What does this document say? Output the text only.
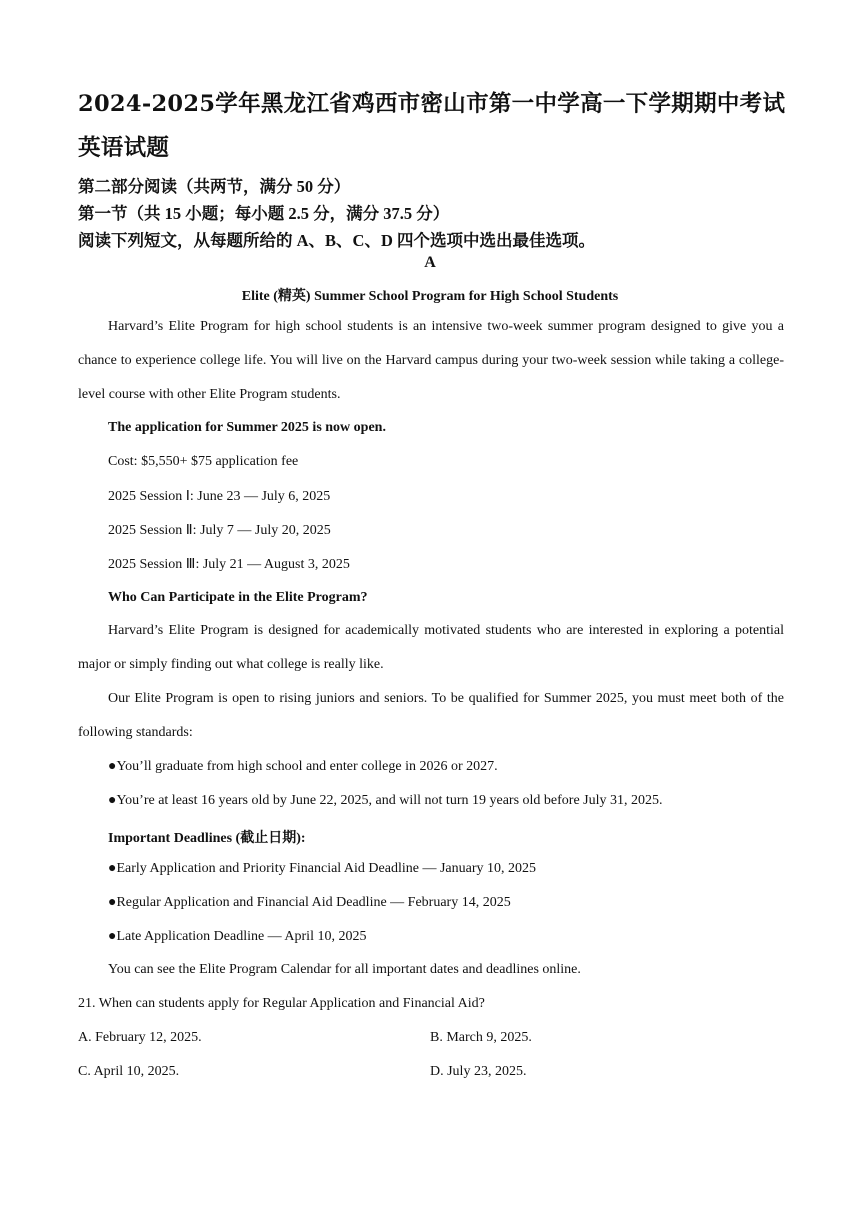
2024-2025学年黑龙江省鸡西市密山市第一中学高一下学期期中考试
英语试题
第二部分阅读（共两节，满分 50 分）
第一节（共 15 小题；每小题 2.5 分，满分 37.5 分）
阅读下列短文，从每题所给的 A、B、C、D 四个选项中选出最佳选项。
A
Elite (精英) Summer School Program for High School Students
Harvard’s Elite Program for high school students is an intensive two-week summer program designed to give you a chance to experience college life. You will live on the Harvard campus during your two-week session while taking a college-level course with other Elite Program students.
The application for Summer 2025 is now open.
Cost: $5,550+ $75 application fee
2025 Session Ⅰ: June 23 — July 6, 2025
2025 Session Ⅱ: July 7 — July 20, 2025
2025 Session Ⅲ: July 21 — August 3, 2025
Who Can Participate in the Elite Program?
Harvard’s Elite Program is designed for academically motivated students who are interested in exploring a potential major or simply finding out what college is really like.
Our Elite Program is open to rising juniors and seniors. To be qualified for Summer 2025, you must meet both of the following standards:
●You’ll graduate from high school and enter college in 2026 or 2027.
●You’re at least 16 years old by June 22, 2025, and will not turn 19 years old before July 31, 2025.
Important Deadlines (截止日期):
●Early Application and Priority Financial Aid Deadline — January 10, 2025
●Regular Application and Financial Aid Deadline — February 14, 2025
●Late Application Deadline — April 10, 2025
You can see the Elite Program Calendar for all important dates and deadlines online.
21. When can students apply for Regular Application and Financial Aid?
A. February 12, 2025.	B. March 9, 2025.
C. April 10, 2025.	D. July 23, 2025.
